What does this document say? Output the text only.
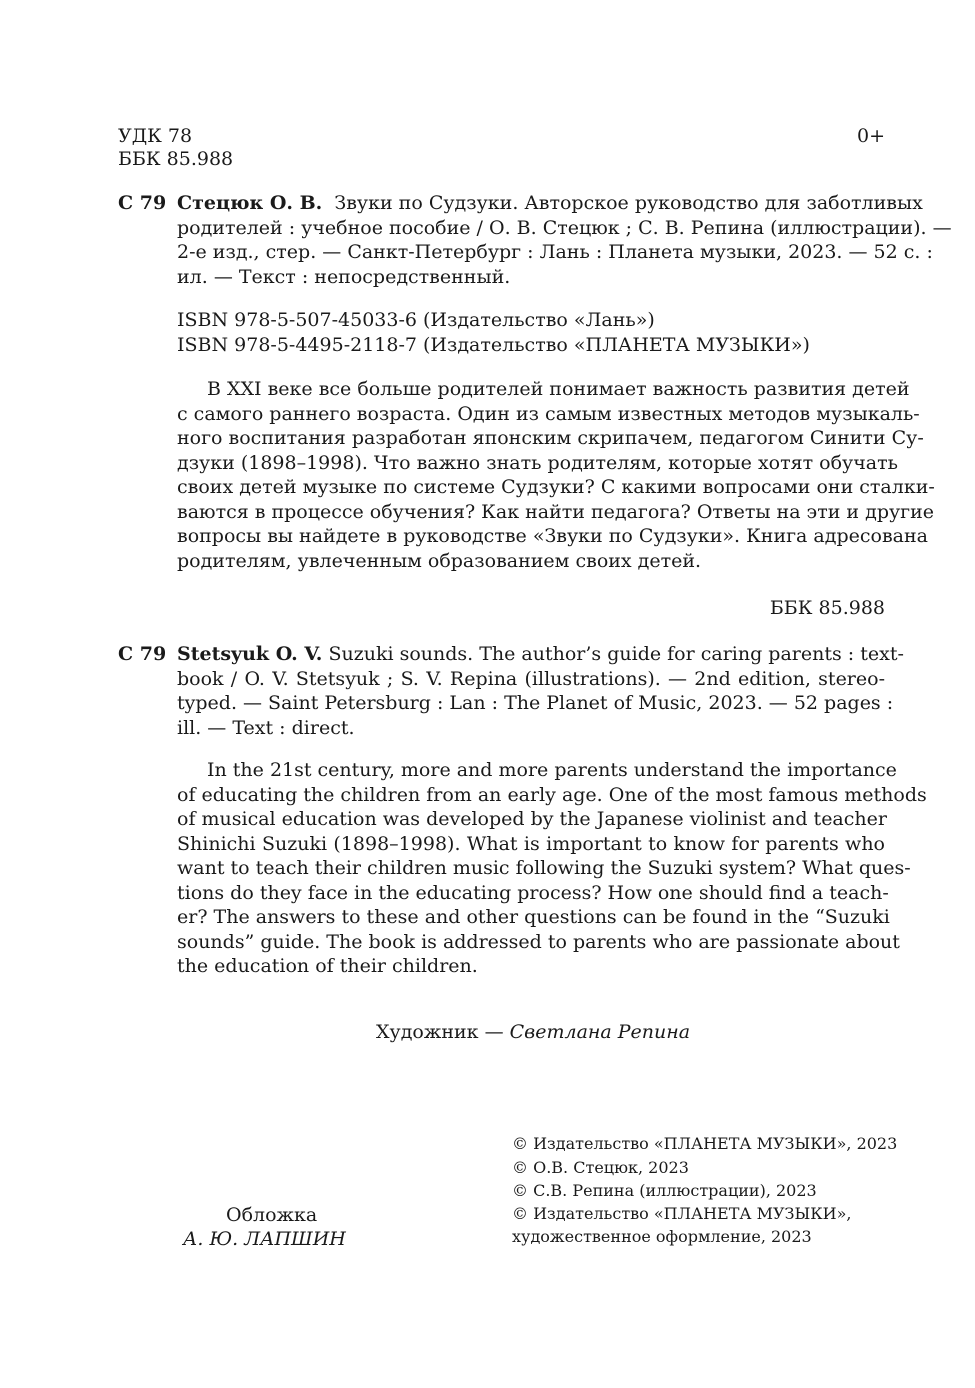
УДК 78
ББК 85.988
0+
С 79 Стецюк О. В. Звуки по Судзуки. Авторское руководство для заботливых
родителей : учебное пособие / О. В. Стецюк ; С. В. Репина (иллюстрации). —
2-е изд., стер. — Санкт-Петербург : Лань : Планета музыки, 2023. — 52 с. :
ил. — Текст : непосредственный.
ISBN 978-5-507-45033-6 (Издательство «Лань»)
ISBN 978-5-4495-2118-7 (Издательство «ПЛАНЕТА МУЗЫКИ»)
В XXI веке все больше родителей понимает важность развития детей
с самого раннего возраста. Один из самым известных методов музыкаль-
ного воспитания разработан японским скрипачем, педагогом Синити Су-
дзуки (1898–1998). Что важно знать родителям, которые хотят обучать
своих детей музыке по системе Судзуки? С какими вопросами они сталки-
ваются в процессе обучения? Как найти педагога? Ответы на эти и другие
вопросы вы найдете в руководстве «Звуки по Судзуки». Книга адресована
родителям, увлеченным образованием своих детей.
ББК 85.988
С 79 Stetsyuk O. V. Suzuki sounds. The author’s guide for caring parents : text-
book / O. V. Stetsyuk ; S. V. Repina (illustrations). — 2nd edition, stereo-
typed. — Saint Petersburg : Lan : The Planet of Music, 2023. — 52 pages :
ill. — Text : direct.
In the 21st century, more and more parents understand the importance
of educating the children from an early age. One of the most famous methods
of musical education was developed by the Japanese violinist and teacher
Shinichi Suzuki (1898–1998). What is important to know for parents who
want to teach their children music following the Suzuki system? What ques-
tions do they face in the educating process? How one should find a teach-
er? The answers to these and other questions can be found in the “Suzuki
sounds” guide. The book is addressed to parents who are passionate about
the education of their children.
Художник — Светлана Репина
Обложка
А. Ю. ЛАПШИН
© Издательство «ПЛАНЕТА МУЗЫКИ», 2023
© О.В. Стецюк, 2023
© С.В. Репина (иллюстрации), 2023
© Издательство «ПЛАНЕТА МУЗЫКИ»,
художественное оформление, 2023
